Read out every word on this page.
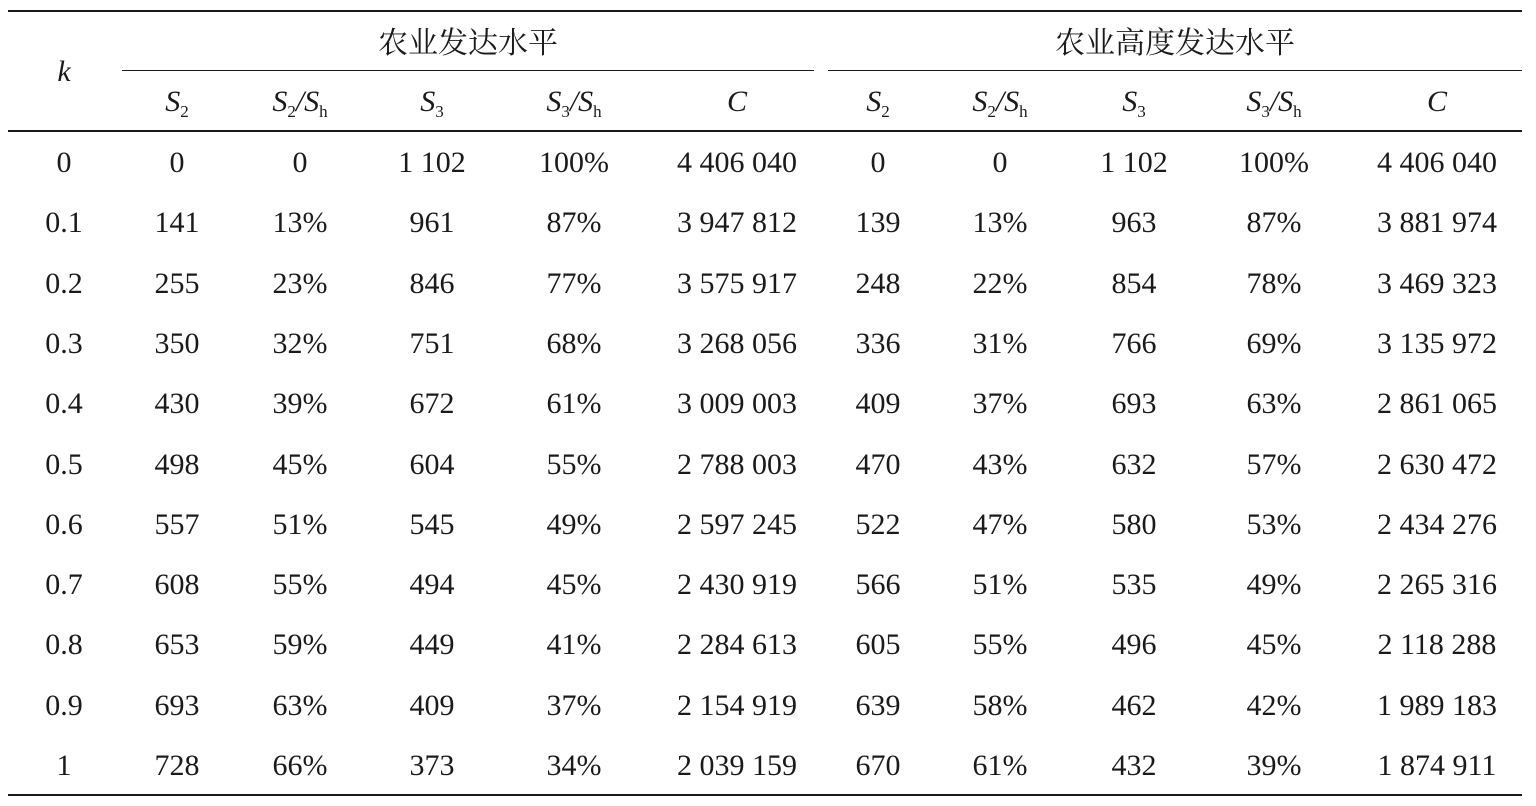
农业发达水平	农业高度发达水平
k
$S_2$	$S_2/S_h$	$S_3$	$S_3/S_h$	C	$S_2$	$S_2/S_h$	$S_3$	$S_3/S_h$	C
0	0	0	1 102	100%	4 406 040	0	0	1 102	100%	4 406 040
0.1	141	13%	961	87%	3 947 812	139	13%	963	87%	3 881 974
0.2	255	23%	846	77%	3 575 917	248	22%	854	78%	3 469 323
0.3	350	32%	751	68%	3 268 056	336	31%	766	69%	3 135 972
0.4	430	39%	672	61%	3 009 003	409	37%	693	63%	2 861 065
0.5	498	45%	604	55%	2 788 003	470	43%	632	57%	2 630 472
0.6	557	51%	545	49%	2 597 245	522	47%	580	53%	2 434 276
0.7	608	55%	494	45%	2 430 919	566	51%	535	49%	2 265 316
0.8	653	59%	449	41%	2 284 613	605	55%	496	45%	2 118 288
0.9	693	63%	409	37%	2 154 919	639	58%	462	42%	1 989 183
1	728	66%	373	34%	2 039 159	670	61%	432	39%	1 874 911
